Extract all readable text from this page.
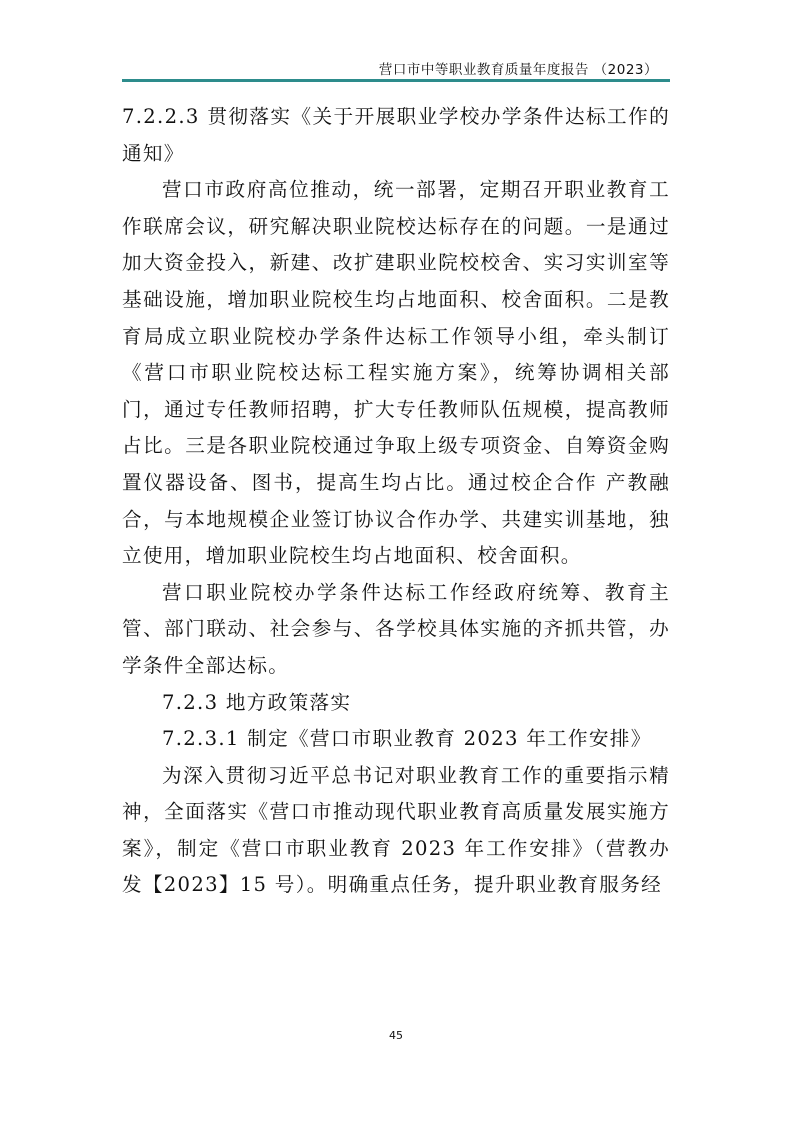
营口市中等职业教育质量年度报告 （2023）

7.2.2.3 贯彻落实《关于开展职业学校办学条件达标工作的通知》

营口市政府高位推动，统一部署，定期召开职业教育工作联席会议，研究解决职业院校达标存在的问题。一是通过加大资金投入，新建、改扩建职业院校校舍、实习实训室等基础设施，增加职业院校生均占地面积、校舍面积。二是教育局成立职业院校办学条件达标工作领导小组，牵头制订《营口市职业院校达标工程实施方案》，统筹协调相关部门，通过专任教师招聘，扩大专任教师队伍规模，提高教师占比。三是各职业院校通过争取上级专项资金、自筹资金购置仪器设备、图书，提高生均占比。通过校企合作 产教融合，与本地规模企业签订协议合作办学、共建实训基地，独立使用，增加职业院校生均占地面积、校舍面积。

营口职业院校办学条件达标工作经政府统筹、教育主管、部门联动、社会参与、各学校具体实施的齐抓共管，办学条件全部达标。

7.2.3 地方政策落实

7.2.3.1 制定《营口市职业教育 2023 年工作安排》

为深入贯彻习近平总书记对职业教育工作的重要指示精神，全面落实《营口市推动现代职业教育高质量发展实施方案》，制定《营口市职业教育 2023 年工作安排》（营教办发【2023】15 号）。明确重点任务，提升职业教育服务经

45
